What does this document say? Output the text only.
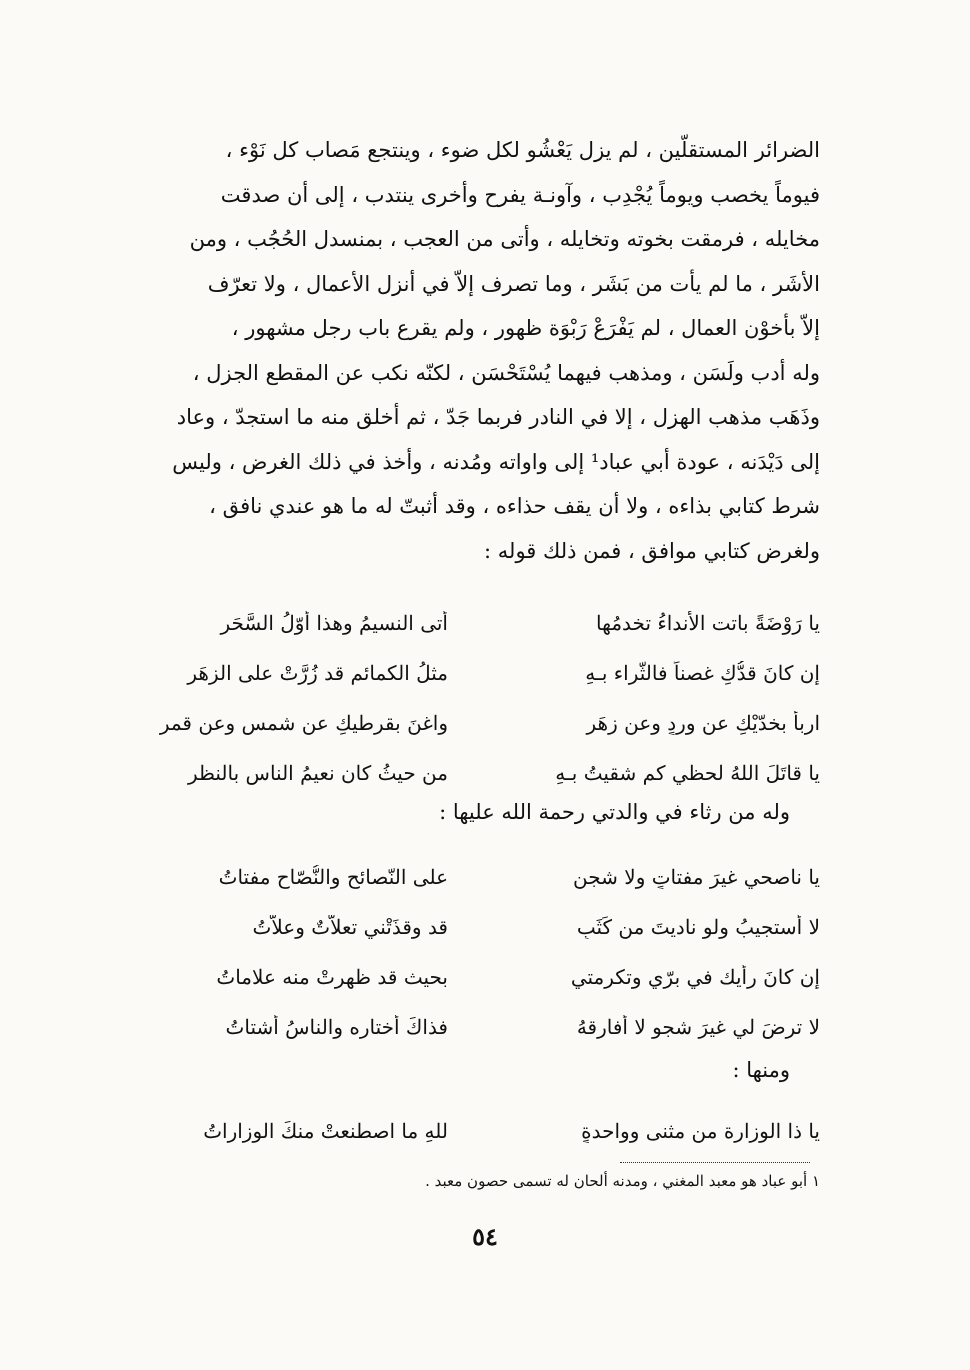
الضرائر المستقلّين ، لم يزل يَعْشُو لكل ضوء ، وينتجع مَصاب كل نَوْء ،
فيوماً يخصب ويوماً يُجْدِب ، وآونـة يفرح وأخرى ينتدب ، إلى أن صدقت
مخايله ، فرمقت بخوته وتخايله ، وأتى من العجب ، بمنسدل الحُجُب ، ومن
الأشَر ، ما لم يأت من بَشَر ، وما تصرف إلاّ في أنزل الأعمال ، ولا تعرّف
إلاّ بأخوْن العمال ، لم يَفْرَعْ رَبْوَة ظهور ، ولم يقرع باب رجل مشهور ،
وله أدب ولَسَن ، ومذهب فيهما يُسْتَحْسَن ، لكنّه نكب عن المقطع الجزل ،
وذَهَب مذهب الهزل ، إلا في النادر فربما جَدّ ، ثم أخلق منه ما استجدّ ، وعاد
إلى دَيْدَنه ، عودة أبي عباد¹ إلى واواته ومُدنه ، وأخذ في ذلك الغرض ، وليس
شرط كتابي بذاءه ، ولا أن يقف حذاءه ، وقد أثبتّ له ما هو عندي نافق ،
ولغرض كتابي موافق ، فمن ذلك قوله :
يا رَوْضَةً باتت الأنداءُ تخدمُها
أتى النسيمُ وهذا أوّلُ السَّحَرِ
إن كانَ قدُّكِ غصناً فالثَّراء بـهِ
مثلُ الكمائم قد زُرَّتْ على الزهَرِ
اربأ بخدّيْكِ عن وردٍ وعن زهَرٍ
واغنَ بقرطيكِ عن شمسٍ وعن قمرِ
يا قاتَلَ اللهُ لحظي كم شقيتُ بـهِ
من حيثُ كان نعيمُ الناسِ بالنظرِ
وله من رثاء في والدتي رحمة الله عليها :
يا ناصحي غيرَ مفتاتٍ ولا شجنٍ
على النّصائح والنُّصّاح مفتاتُ
لا أستجيبُ ولو ناديتَ من كَثَبٍ
قد وقذَتْني تعلاّتٌ وعلاّتُ
إن كانَ رأيك في برّي وتكرمتي
بحيث قد ظهرتْ منه علاماتُ
لا ترضَ لي غيرَ شجوٍ لا أفارقهُ
فذاكَ أختاره والناسُ أشتاتُ
ومنها :
يا ذا الوزارة من مثنى وواحدةٍ
للهِ ما اصطنعتْ منكَ الوزاراتُ
١ أبو عباد هو معبد المغني ، ومدنه ألحان له تسمى حصون معبد .
٥٤
